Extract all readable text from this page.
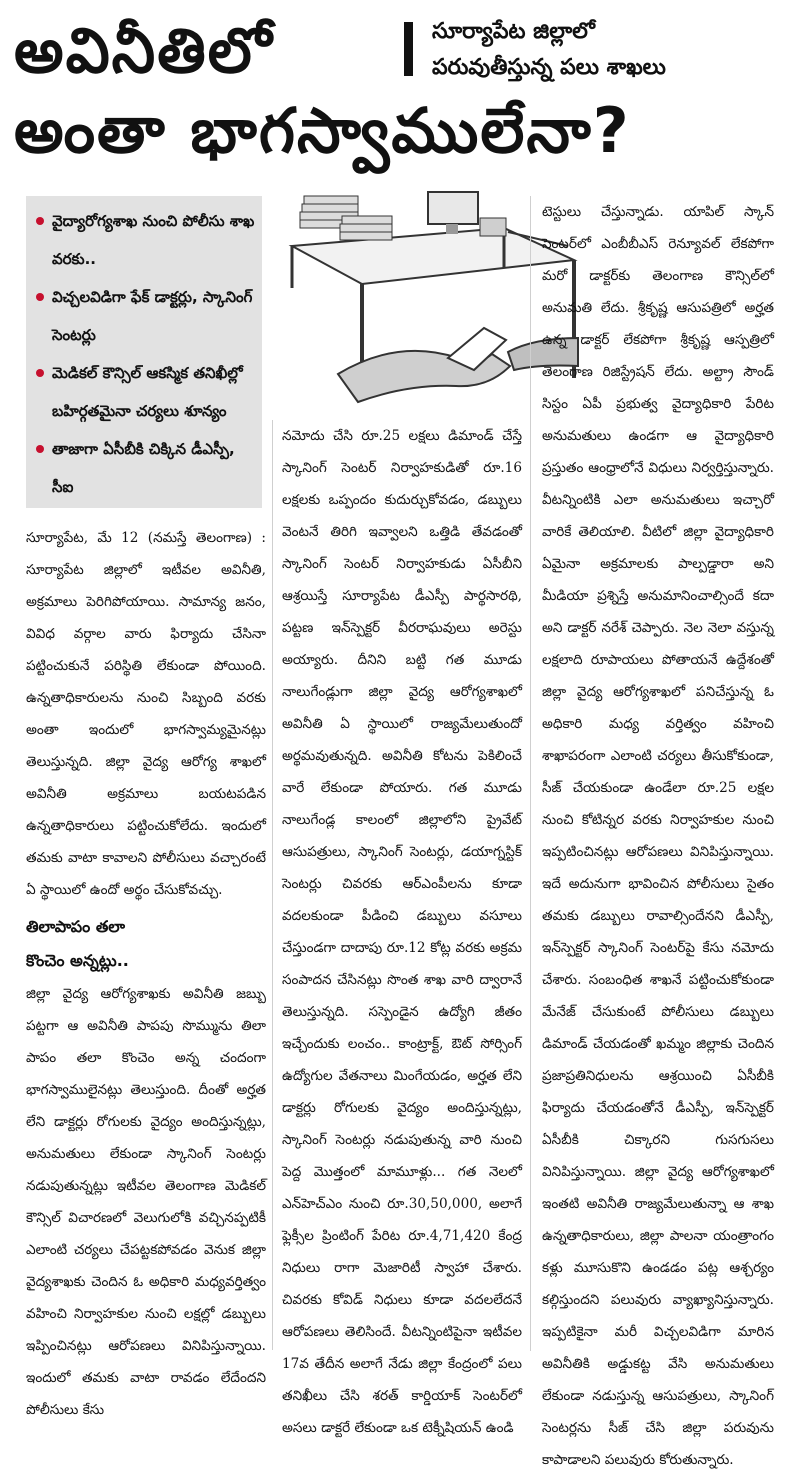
అవినీతిలో
అంతా భాగస్వాములేనా?
సూర్యాపేట జిల్లాలో
పరువుతీస్తున్న పలు శాఖలు
వైద్యారోగ్యశాఖ నుంచి పోలీసు శాఖ వరకు..
విచ్చలవిడిగా ఫేక్ డాక్టర్లు, స్కానింగ్ సెంటర్లు
మెడికల్ కౌన్సిల్ ఆకస్మిక తనిఖీల్లో బహిర్గతమైనా చర్యలు శూన్యం
తాజాగా ఏసీబీకి చిక్కిన డీఎస్పీ, సీఐ
సూర్యాపేట, మే 12 (నమస్తే తెలంగాణ) : సూర్యాపేట జిల్లాలో ఇటీవల అవినీతి, అక్రమాలు పెరిగిపోయాయి. సామాన్య జనం, వివిధ వర్గాల వారు ఫిర్యాదు చేసినా పట్టించుకునే పరిస్థితి లేకుండా పోయింది. ఉన్నతాధికారులను నుంచి సిబ్బంది వరకు అంతా ఇందులో భాగస్వామ్యమైనట్లు తెలుస్తున్నది. జిల్లా వైద్య ఆరోగ్య శాఖలో అవినీతి అక్రమాలు బయటపడిన ఉన్నతాధికారులు పట్టించుకోలేదు. ఇందులో తమకు వాటా కావాలని పోలీసులు వచ్చారంటే ఏ స్థాయిలో ఉందో అర్థం చేసుకోవచ్చు.
తిలాపాపం తలా
కొంచెం అన్నట్లు..
జిల్లా వైద్య ఆరోగ్యశాఖకు అవినీతి జబ్బు పట్టగా ఆ అవినీతి పాపపు సొమ్మును తిలా పాపం తలా కొంచెం అన్న చందంగా భాగస్వాములైనట్లు తెలుస్తుంది. దీంతో అర్హత లేని డాక్టర్లు రోగులకు వైద్యం అందిస్తున్నట్లు, అనుమతులు లేకుండా స్కానింగ్ సెంటర్లు నడుపుతున్నట్లు ఇటీవల తెలంగాణ మెడికల్ కౌన్సిల్ విచారణలో వెలుగులోకి వచ్చినప్పటికీ ఎలాంటి చర్యలు చేపట్టకపోవడం వెనుక జిల్లా వైద్యశాఖకు చెందిన ఓ అధికారి మధ్యవర్తిత్వం వహించి నిర్వాహకుల నుంచి లక్షల్లో డబ్బులు ఇప్పించినట్లు ఆరోపణలు వినిపిస్తున్నాయి. ఇందులో తమకు వాటా రావడం లేదేందని పోలీసులు కేసు
నమోదు చేసి రూ.25 లక్షలు డిమాండ్ చేస్తే స్కానింగ్ సెంటర్ నిర్వాహకుడితో రూ.16 లక్షలకు ఒప్పందం కుదుర్చుకోవడం, డబ్బులు వెంటనే తిరిగి ఇవ్వాలని ఒత్తిడి తేవడంతో స్కానింగ్ సెంటర్ నిర్వాహకుడు ఏసీబీని ఆశ్రయిస్తే సూర్యాపేట డీఎస్పీ పార్థసారథి, పట్టణ ఇన్‌స్పెక్టర్ వీరరాఘవులు అరెస్టు అయ్యారు. దీనిని బట్టి గత మూడు నాలుగేండ్లుగా జిల్లా వైద్య ఆరోగ్యశాఖలో అవినీతి ఏ స్థాయిలో రాజ్యమేలుతుందో అర్థమవుతున్నది. అవినీతి కోటను పెకిలించే వారే లేకుండా పోయారు. గత మూడు నాలుగేండ్ల కాలంలో జిల్లాలోని ప్రైవేట్ ఆసుపత్రులు, స్కానింగ్ సెంటర్లు, డయాగ్నస్టిక్ సెంటర్లు చివరకు ఆర్ఎంపీలను కూడా వదలకుండా పీడించి డబ్బులు వసూలు చేస్తుండగా దాదాపు రూ.12 కోట్ల వరకు అక్రమ సంపాదన చేసినట్లు సొంత శాఖ వారి ద్వారానే తెలుస్తున్నది. సస్పెండైన ఉద్యోగి జీతం ఇచ్చేందుకు లంచం.. కాంట్రాక్ట్, ఔట్ సోర్సింగ్ ఉద్యోగుల వేతనాలు మింగేయడం, అర్హత లేని డాక్టర్లు రోగులకు వైద్యం అందిస్తున్నట్లు, స్కానింగ్ సెంటర్లు నడుపుతున్న వారి నుంచి పెద్ద మొత్తంలో మామూళ్లు... గత నెలలో ఎన్‌హెచ్ఎం నుంచి రూ.30,50,000, అలాగే ఫ్లెక్సీల ప్రింటింగ్ పేరిట రూ.4,71,420 కేంద్ర నిధులు రాగా మెజారిటీ స్వాహా చేశారు. చివరకు కోవిడ్ నిధులు కూడా వదలలేదనే ఆరోపణలు తెలిసిందే. వీటన్నింటిపైనా ఇటీవల 17వ తేదీన అలాగే నేడు జిల్లా కేంద్రంలో పలు తనిఖీలు చేసి శరత్ కార్డియాక్ సెంటర్‌లో అసలు డాక్టరే లేకుండా ఒక టెక్నీషియన్ ఉండి
టెస్టులు చేస్తున్నాడు. యాపిల్ స్కాన్ సెంటర్‌లో ఎంబీబీఎస్ రెన్యూవల్ లేకపోగా మరో డాక్టర్‌కు తెలంగాణ కౌన్సిల్‌లో అనుమతి లేదు. శ్రీకృష్ణ ఆసుపత్రిలో అర్హత ఉన్న డాక్టర్ లేకపోగా శ్రీకృష్ణ ఆస్పత్రిలో తెలంగాణ రిజిస్ట్రేషన్ లేదు. అల్ట్రా సౌండ్ సిస్టం ఏపీ ప్రభుత్వ వైద్యాధికారి పేరిట అనుమతులు ఉండగా ఆ వైద్యాధికారి ప్రస్తుతం ఆంధ్రాలోనే విధులు నిర్వర్తిస్తున్నారు. వీటన్నింటికి ఎలా అనుమతులు ఇచ్చారో వారికే తెలియాలి. వీటిలో జిల్లా వైద్యాధికారి ఏమైనా అక్రమాలకు పాల్పడ్డారా అని మీడియా ప్రశ్నిస్తే అనుమానించాల్సిందే కదా అని డాక్టర్ నరేశ్ చెప్పారు. నెల నెలా వస్తున్న లక్షలాది రూపాయలు పోతాయనే ఉద్దేశంతో జిల్లా వైద్య ఆరోగ్యశాఖలో పనిచేస్తున్న ఓ అధికారి మధ్య వర్తిత్వం వహించి శాఖాపరంగా ఎలాంటి చర్యలు తీసుకోకుండా, సీజ్ చేయకుండా ఉండేలా రూ.25 లక్షల నుంచి కోటిన్నర వరకు నిర్వాహకుల నుంచి ఇప్పటించినట్లు ఆరోపణలు వినిపిస్తున్నాయి. ఇదే అదునుగా భావించిన పోలీసులు సైతం తమకు డబ్బులు రావాల్సిందేనని డీఎస్పీ, ఇన్‌స్పెక్టర్ స్కానింగ్ సెంటర్‌పై కేసు నమోదు చేశారు. సంబంధిత శాఖనే పట్టించుకోకుండా మేనేజ్ చేసుకుంటే పోలీసులు డబ్బులు డిమాండ్ చేయడంతో ఖమ్మం జిల్లాకు చెందిన ప్రజాప్రతినిధులను ఆశ్రయించి ఏసీబీకి ఫిర్యాదు చేయడంతోనే డీఎస్పీ, ఇన్‌స్పెక్టర్ ఏసీబీకి చిక్కారని గుసగుసలు వినిపిస్తున్నాయి. జిల్లా వైద్య ఆరోగ్యశాఖలో ఇంతటి అవినీతి రాజ్యమేలుతున్నా ఆ శాఖ ఉన్నతాధికారులు, జిల్లా పాలనా యంత్రాంగం కళ్లు మూసుకొని ఉండడం పట్ల ఆశ్చర్యం కల్గిస్తుందని పలువురు వ్యాఖ్యానిస్తున్నారు. ఇప్పటికైనా మరీ విచ్చలవిడిగా మారిన అవినీతికి అడ్డుకట్ట వేసి అనుమతులు లేకుండా నడుస్తున్న ఆసుపత్రులు, స్కానింగ్ సెంటర్లను సీజ్ చేసి జిల్లా పరువును కాపాడాలని పలువురు కోరుతున్నారు.
